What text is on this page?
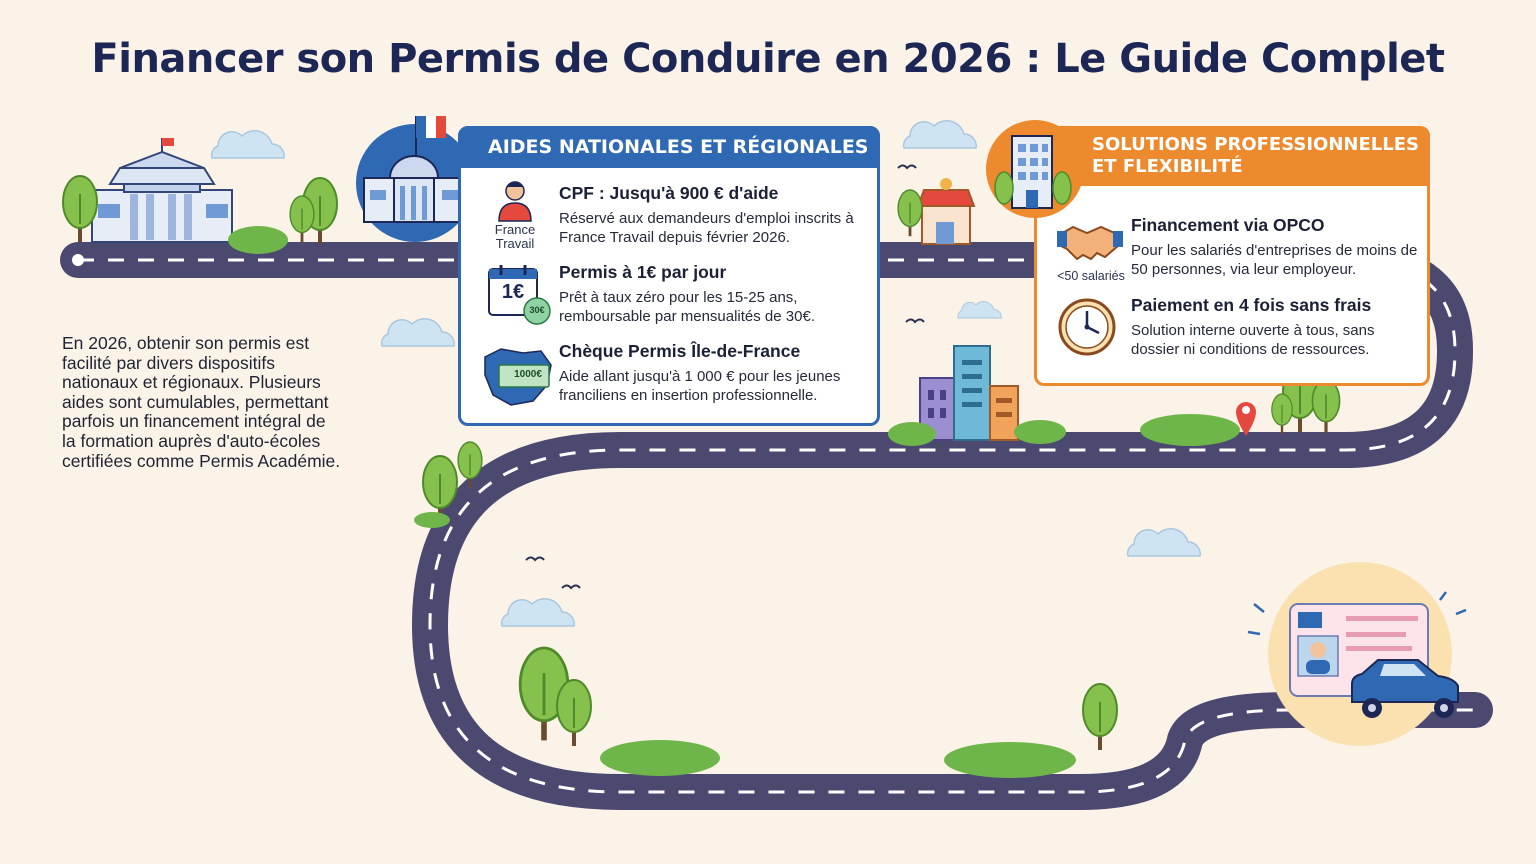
Financer son Permis de Conduire en 2026 : Le Guide Complet
En 2026, obtenir son permis est facilité par divers dispositifs nationaux et régionaux. Plusieurs aides sont cumulables, permettant parfois un financement intégral de la formation auprès d'auto-écoles certifiées comme Permis Académie.
AIDES NATIONALES ET RÉGIONALES
France Travail
CPF : Jusqu'à 900 € d'aide
Réservé aux demandeurs d'emploi inscrits à France Travail depuis février 2026.
1€
30€
Permis à 1€ par jour
Prêt à taux zéro pour les 15-25 ans, remboursable par mensualités de 30€.
1000€
Chèque Permis Île-de-France
Aide allant jusqu'à 1 000 € pour les jeunes franciliens en insertion professionnelle.
SOLUTIONS PROFESSIONNELLES
ET FLEXIBILITÉ
<50 salariés
Financement via OPCO
Pour les salariés d'entreprises de moins de 50 personnes, via leur employeur.
Paiement en 4 fois sans frais
Solution interne ouverte à tous, sans dossier ni conditions de ressources.
